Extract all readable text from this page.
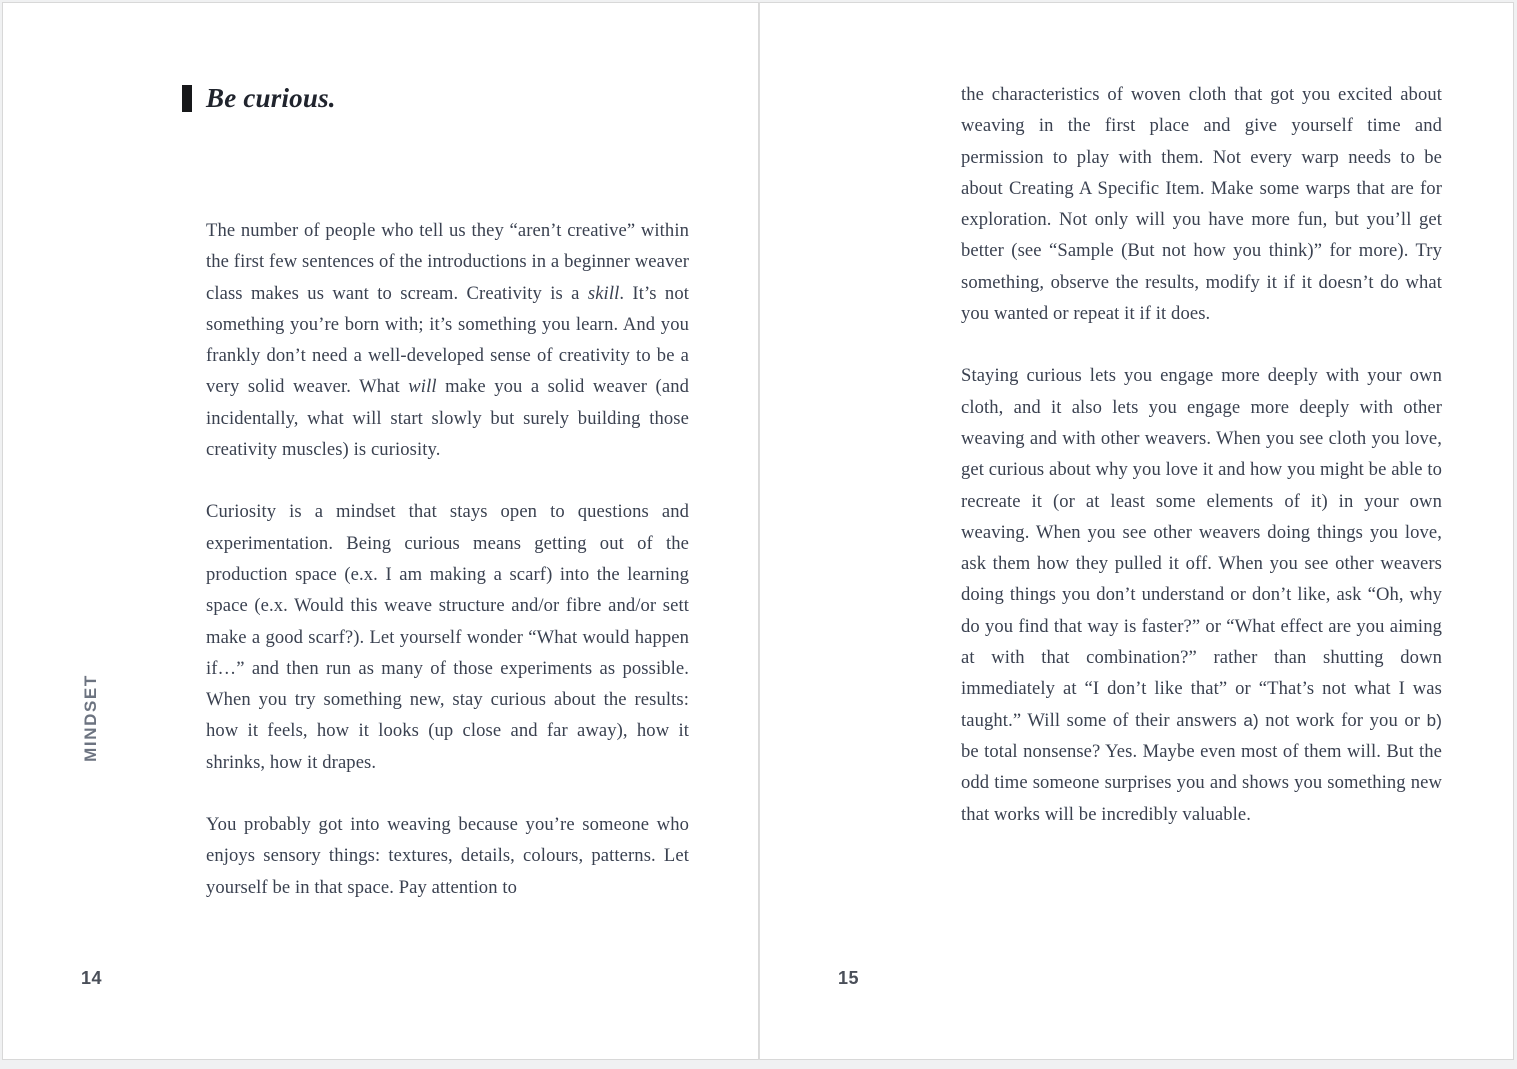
Be curious.

The number of people who tell us they “aren’t creative” within the first few sentences of the introductions in a beginner weaver class makes us want to scream. Creativity is a skill. It’s not something you’re born with; it’s something you learn. And you frankly don’t need a well-developed sense of creativity to be a very solid weaver. What will make you a solid weaver (and incidentally, what will start slowly but surely building those creativity muscles) is curiosity.

Curiosity is a mindset that stays open to questions and experimentation. Being curious means getting out of the production space (e.x. I am making a scarf) into the learning space (e.x. Would this weave structure and/or fibre and/or sett make a good scarf?). Let yourself wonder “What would happen if…” and then run as many of those experiments as possible. When you try something new, stay curious about the results: how it feels, how it looks (up close and far away), how it shrinks, how it drapes.

You probably got into weaving because you’re someone who enjoys sensory things: textures, details, colours, patterns. Let yourself be in that space. Pay attention to

MINDSET
14

the characteristics of woven cloth that got you excited about weaving in the first place and give yourself time and permission to play with them. Not every warp needs to be about Creating A Specific Item. Make some warps that are for exploration. Not only will you have more fun, but you’ll get better (see “Sample (But not how you think)” for more). Try something, observe the results, modify it if it doesn’t do what you wanted or repeat it if it does.

Staying curious lets you engage more deeply with your own cloth, and it also lets you engage more deeply with other weaving and with other weavers. When you see cloth you love, get curious about why you love it and how you might be able to recreate it (or at least some elements of it) in your own weaving. When you see other weavers doing things you love, ask them how they pulled it off. When you see other weavers doing things you don’t understand or don’t like, ask “Oh, why do you find that way is faster?” or “What effect are you aiming at with that combination?” rather than shutting down immediately at “I don’t like that” or “That’s not what I was taught.” Will some of their answers a) not work for you or b) be total nonsense? Yes. Maybe even most of them will. But the odd time someone surprises you and shows you something new that works will be incredibly valuable.

15
